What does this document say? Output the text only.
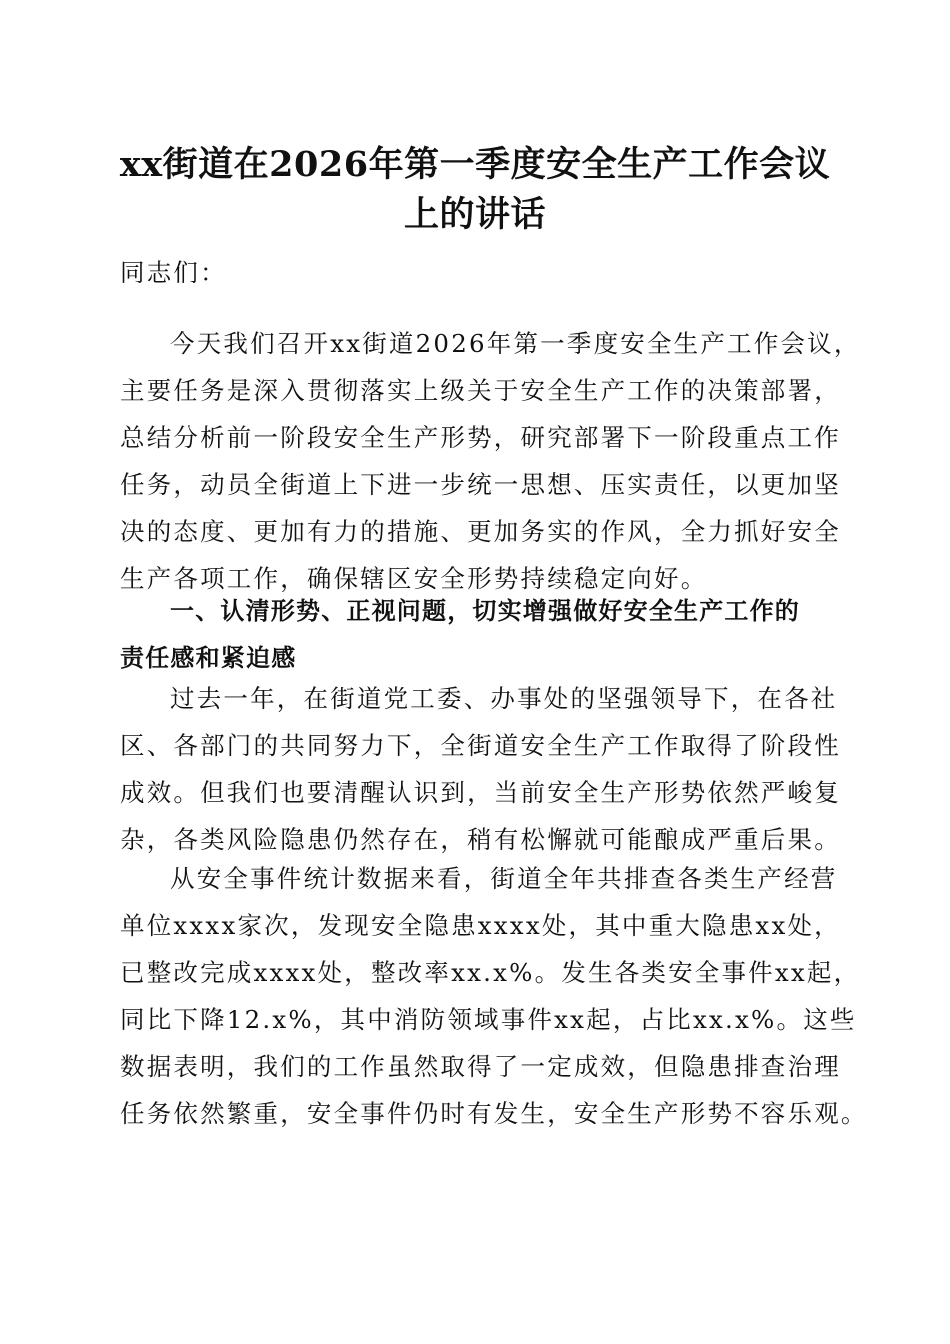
xx街道在2026年第一季度安全生产工作会议
上的讲话

同志们：

今天我们召开xx街道2026年第一季度安全生产工作会议，
主要任务是深入贯彻落实上级关于安全生产工作的决策部署，
总结分析前一阶段安全生产形势，研究部署下一阶段重点工作
任务，动员全街道上下进一步统一思想、压实责任，以更加坚
决的态度、更加有力的措施、更加务实的作风，全力抓好安全
生产各项工作，确保辖区安全形势持续稳定向好。

一、认清形势、正视问题，切实增强做好安全生产工作的
责任感和紧迫感

过去一年，在街道党工委、办事处的坚强领导下，在各社
区、各部门的共同努力下，全街道安全生产工作取得了阶段性
成效。但我们也要清醒认识到，当前安全生产形势依然严峻复
杂，各类风险隐患仍然存在，稍有松懈就可能酿成严重后果。

从安全事件统计数据来看，街道全年共排查各类生产经营
单位xxxx家次，发现安全隐患xxxx处，其中重大隐患xx处，
已整改完成xxxx处，整改率xx.x%。发生各类安全事件xx起，
同比下降12.x%，其中消防领域事件xx起，占比xx.x%。这些
数据表明，我们的工作虽然取得了一定成效，但隐患排查治理
任务依然繁重，安全事件仍时有发生，安全生产形势不容乐观。
